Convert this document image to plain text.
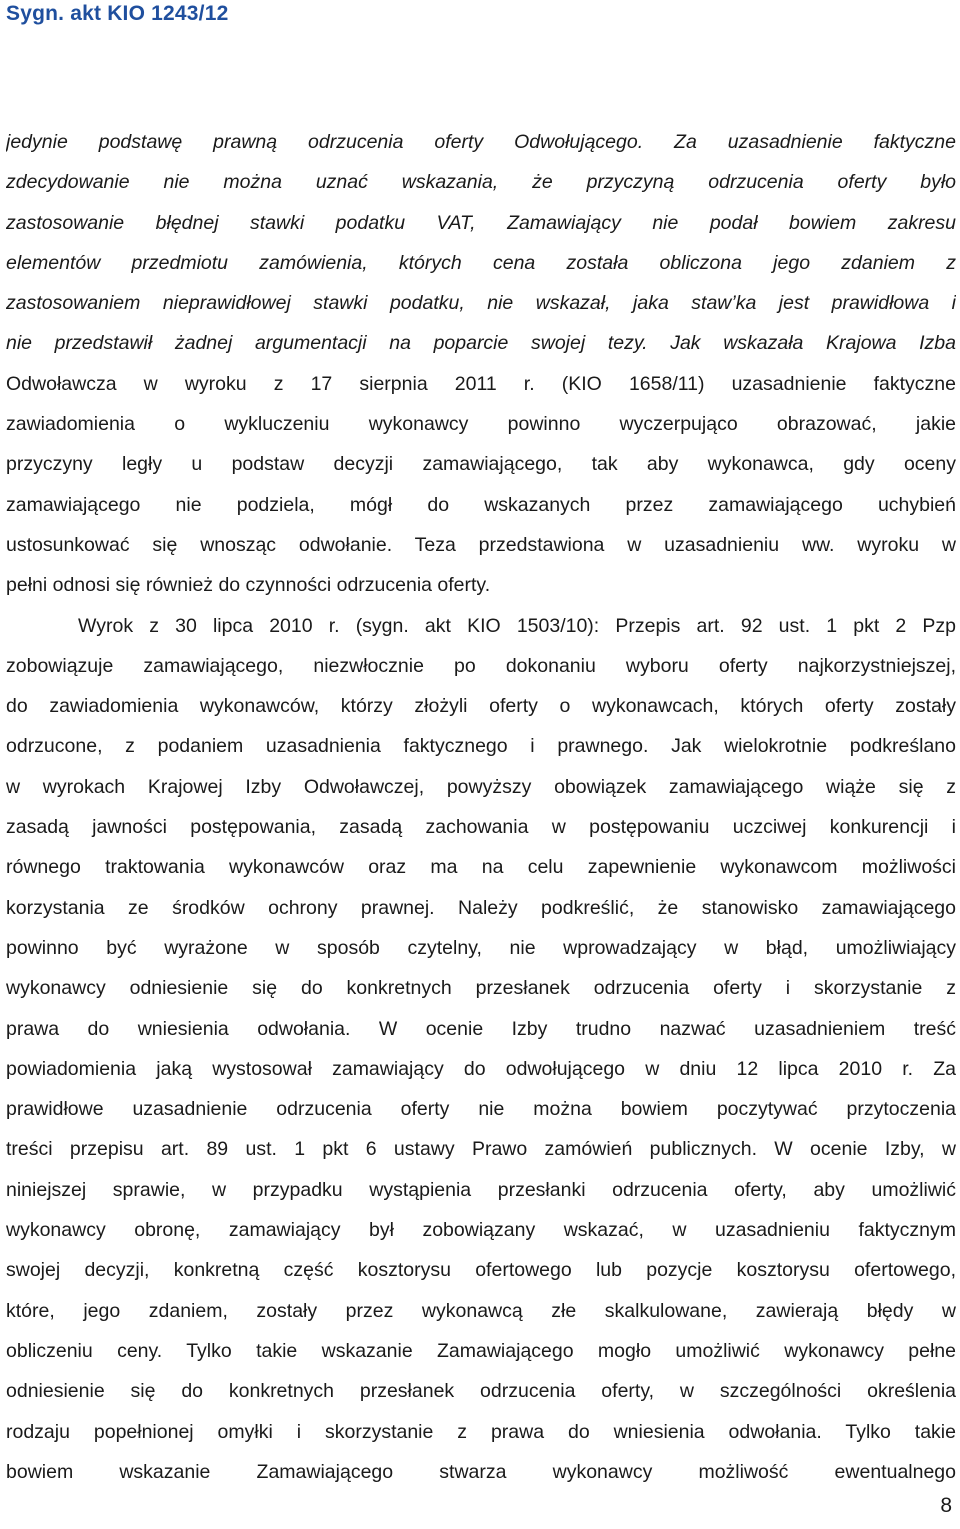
Sygn. akt KIO 1243/12
jedynie podstawę prawną odrzucenia oferty Odwołującego. Za uzasadnienie faktyczne
zdecydowanie nie można uznać wskazania, że przyczyną odrzucenia oferty było
zastosowanie błędnej stawki podatku VAT, Zamawiający nie podał bowiem zakresu
elementów przedmiotu zamówienia, których cena została obliczona jego zdaniem z
zastosowaniem nieprawidłowej stawki podatku, nie wskazał, jaka staw’ka jest prawidłowa i
nie przedstawił żadnej argumentacji na poparcie swojej tezy. Jak wskazała Krajowa Izba
Odwoławcza w wyroku z 17 sierpnia 2011 r. (KIO 1658/11) uzasadnienie faktyczne
zawiadomienia o wykluczeniu wykonawcy powinno wyczerpująco obrazować, jakie
przyczyny legły u podstaw decyzji zamawiającego, tak aby wykonawca, gdy oceny
zamawiającego nie podziela, mógł do wskazanych przez zamawiającego uchybień
ustosunkować się wnosząc odwołanie. Teza przedstawiona w uzasadnieniu ww. wyroku w
pełni odnosi się również do czynności odrzucenia oferty.
Wyrok z 30 lipca 2010 r. (sygn. akt KIO 1503/10): Przepis art. 92 ust. 1 pkt 2 Pzp
zobowiązuje zamawiającego, niezwłocznie po dokonaniu wyboru oferty najkorzystniejszej,
do zawiadomienia wykonawców, którzy złożyli oferty o wykonawcach, których oferty zostały
odrzucone, z podaniem uzasadnienia faktycznego i prawnego. Jak wielokrotnie podkreślano
w wyrokach Krajowej Izby Odwoławczej, powyższy obowiązek zamawiającego wiąże się z
zasadą jawności postępowania, zasadą zachowania w postępowaniu uczciwej konkurencji i
równego traktowania wykonawców oraz ma na celu zapewnienie wykonawcom możliwości
korzystania ze środków ochrony prawnej. Należy podkreślić, że stanowisko zamawiającego
powinno być wyrażone w sposób czytelny, nie wprowadzający w błąd, umożliwiający
wykonawcy odniesienie się do konkretnych przesłanek odrzucenia oferty i skorzystanie z
prawa do wniesienia odwołania. W ocenie Izby trudno nazwać uzasadnieniem treść
powiadomienia jaką wystosował zamawiający do odwołującego w dniu 12 lipca 2010 r. Za
prawidłowe uzasadnienie odrzucenia oferty nie można bowiem poczytywać przytoczenia
treści przepisu art. 89 ust. 1 pkt 6 ustawy Prawo zamówień publicznych. W ocenie Izby, w
niniejszej sprawie, w przypadku wystąpienia przesłanki odrzucenia oferty, aby umożliwić
wykonawcy obronę, zamawiający był zobowiązany wskazać, w uzasadnieniu faktycznym
swojej decyzji, konkretną część kosztorysu ofertowego lub pozycje kosztorysu ofertowego,
które, jego zdaniem, zostały przez wykonawcą złe skalkulowane, zawierają błędy w
obliczeniu ceny. Tylko takie wskazanie Zamawiającego mogło umożliwić wykonawcy pełne
odniesienie się do konkretnych przesłanek odrzucenia oferty, w szczególności określenia
rodzaju popełnionej omyłki i skorzystanie z prawa do wniesienia odwołania. Tylko takie
bowiem wskazanie Zamawiającego stwarza wykonawcy możliwość ewentualnego
8
